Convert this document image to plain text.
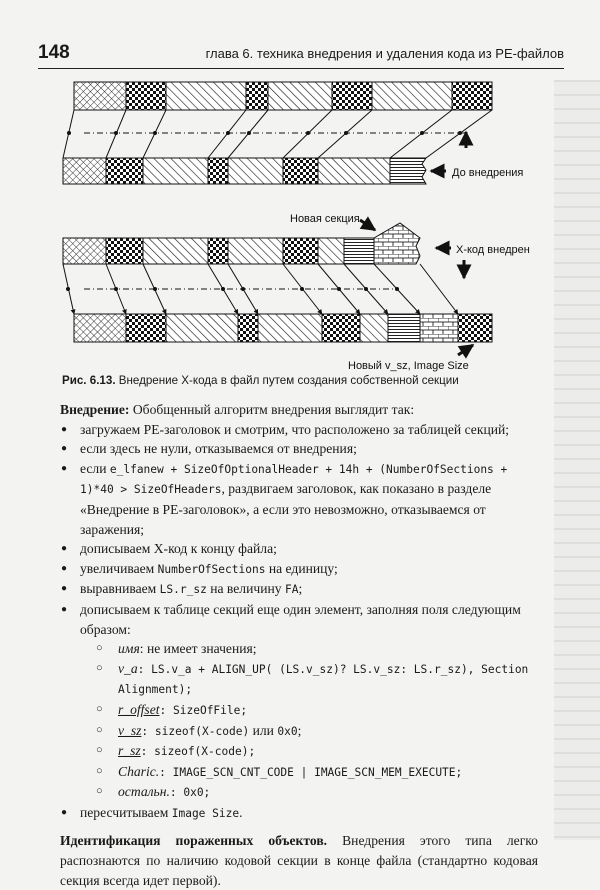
148	глава 6. техника внедрения и удаления кода из PE-файлов
До внедрения
Новая секция
X-код внедрен
Новый v_sz, Image Size
Рис. 6.13. Внедрение X-кода в файл путем создания собственной секции

Внедрение: Обобщенный алгоритм внедрения выглядит так:

● загружаем PE-заголовок и смотрим, что расположено за таблицей секций;
● если здесь не нули, отказываемся от внедрения;
● если e_lfanew + SizeOfOptionalHeader + 14h + (NumberOfSections + 1)*40 > SizeOfHeaders, раздвигаем заголовок, как показано в разделе «Внедрение в PE-заголовок», а если это невозможно, отказываемся от заражения;
● дописываем X-код к концу файла;
● увеличиваем NumberOfSections на единицу;
● выравниваем LS.r_sz на величину FA;
● дописываем к таблице секций еще один элемент, заполняя поля следующим образом:
○ имя: не имеет значения;
○ v_a: LS.v_a + ALIGN_UP( (LS.v_sz)? LS.v_sz: LS.r_sz), Section Alignment);
○ r_offset: SizeOfFile;
○ v_sz: sizeof(X-code) или 0x0;
○ r_sz: sizeof(X-code);
○ Charic.: IMAGE_SCN_CNT_CODE | IMAGE_SCN_MEM_EXECUTE;
○ остальн.: 0x0;
● пересчитываем Image Size.

Идентификация пораженных объектов. Внедрения этого типа легко распознаются по наличию кодовой секции в конце файла (стандартно кодовая секция всегда идет первой).
